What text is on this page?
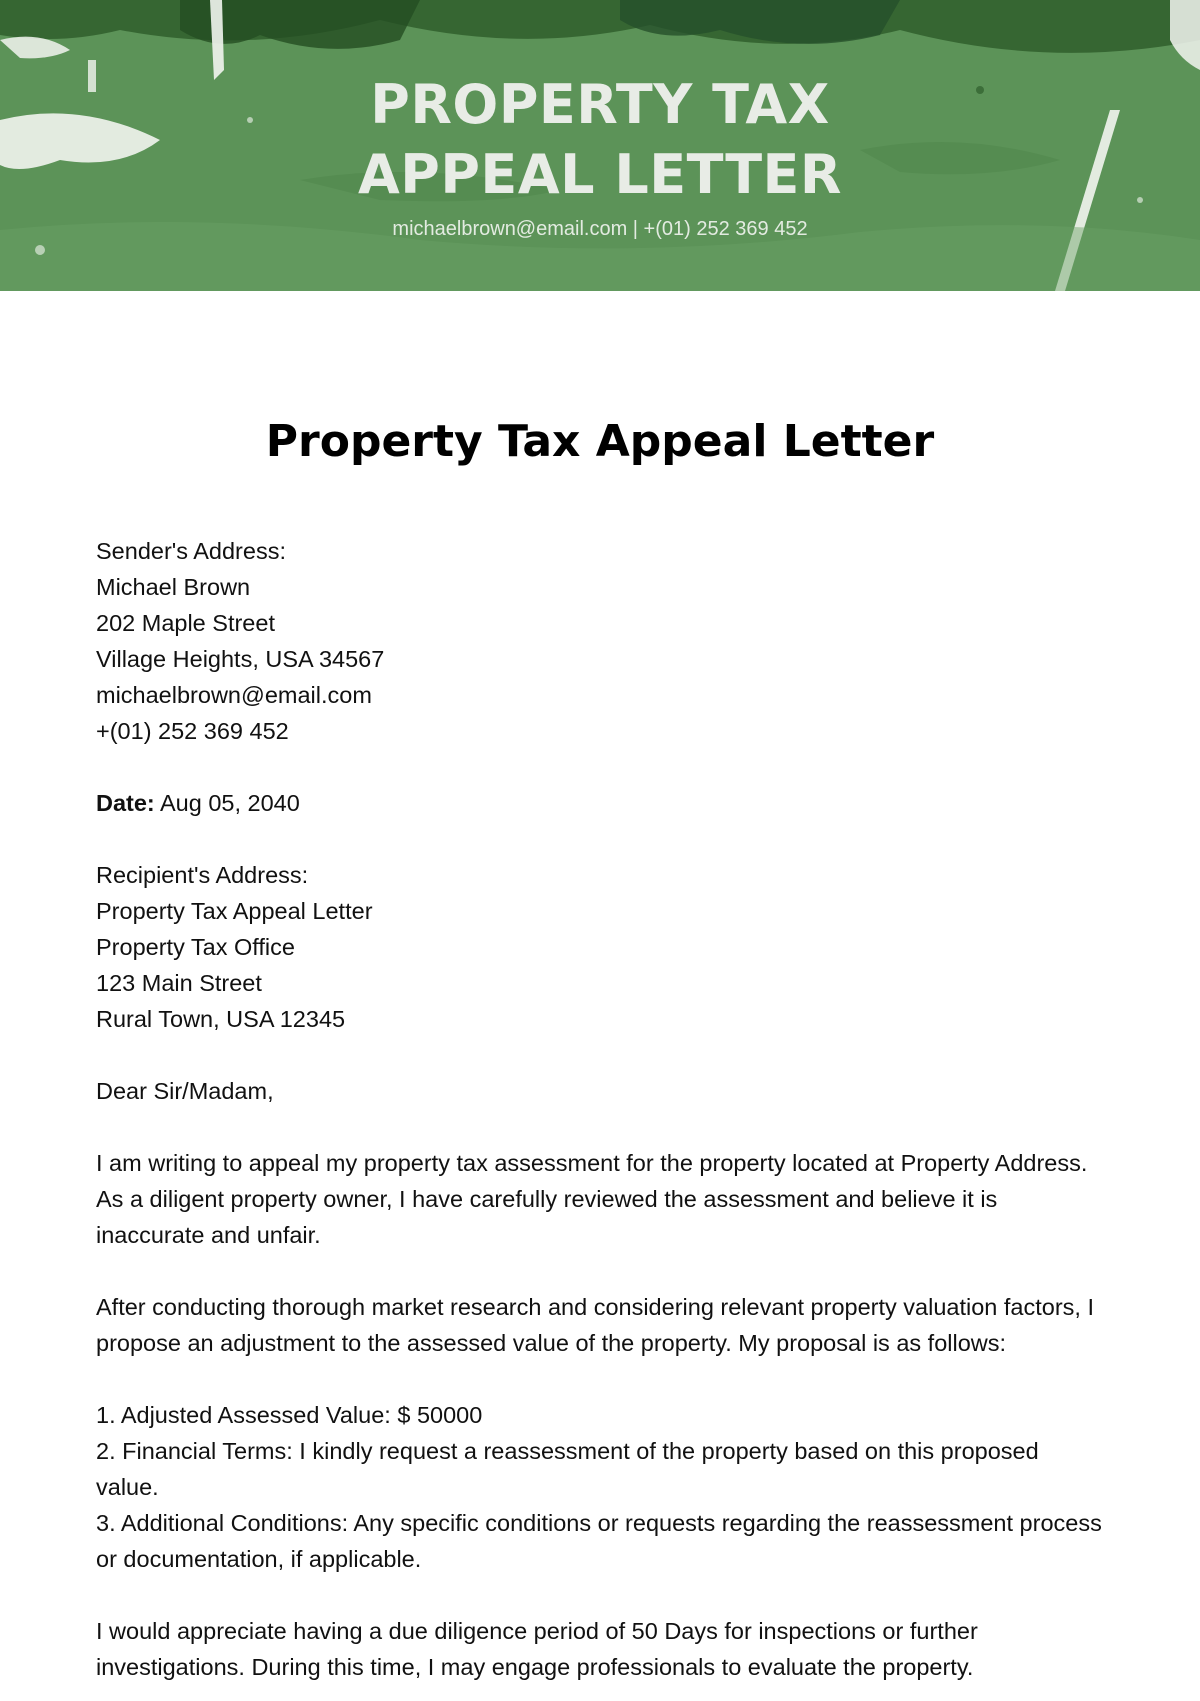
PROPERTY TAX APPEAL LETTER
michaelbrown@email.com | +(01) 252 369 452
Property Tax Appeal Letter

Sender's Address:

Michael Brown

202 Maple Street

Village Heights, USA 34567

michaelbrown@email.com

+(01) 252 369 452

Date: Aug 05, 2040

Recipient's Address:

Property Tax Appeal Letter

Property Tax Office

123 Main Street

Rural Town, USA 12345

Dear Sir/Madam,

I am writing to appeal my property tax assessment for the property located at Property Address. As a diligent property owner, I have carefully reviewed the assessment and believe it is inaccurate and unfair.

After conducting thorough market research and considering relevant property valuation factors, I propose an adjustment to the assessed value of the property. My proposal is as follows:

1. Adjusted Assessed Value: $ 50000

2. Financial Terms: I kindly request a reassessment of the property based on this proposed value.

3. Additional Conditions: Any specific conditions or requests regarding the reassessment process or documentation, if applicable.

I would appreciate having a due diligence period of 50 Days for inspections or further investigations. During this time, I may engage professionals to evaluate the property.
